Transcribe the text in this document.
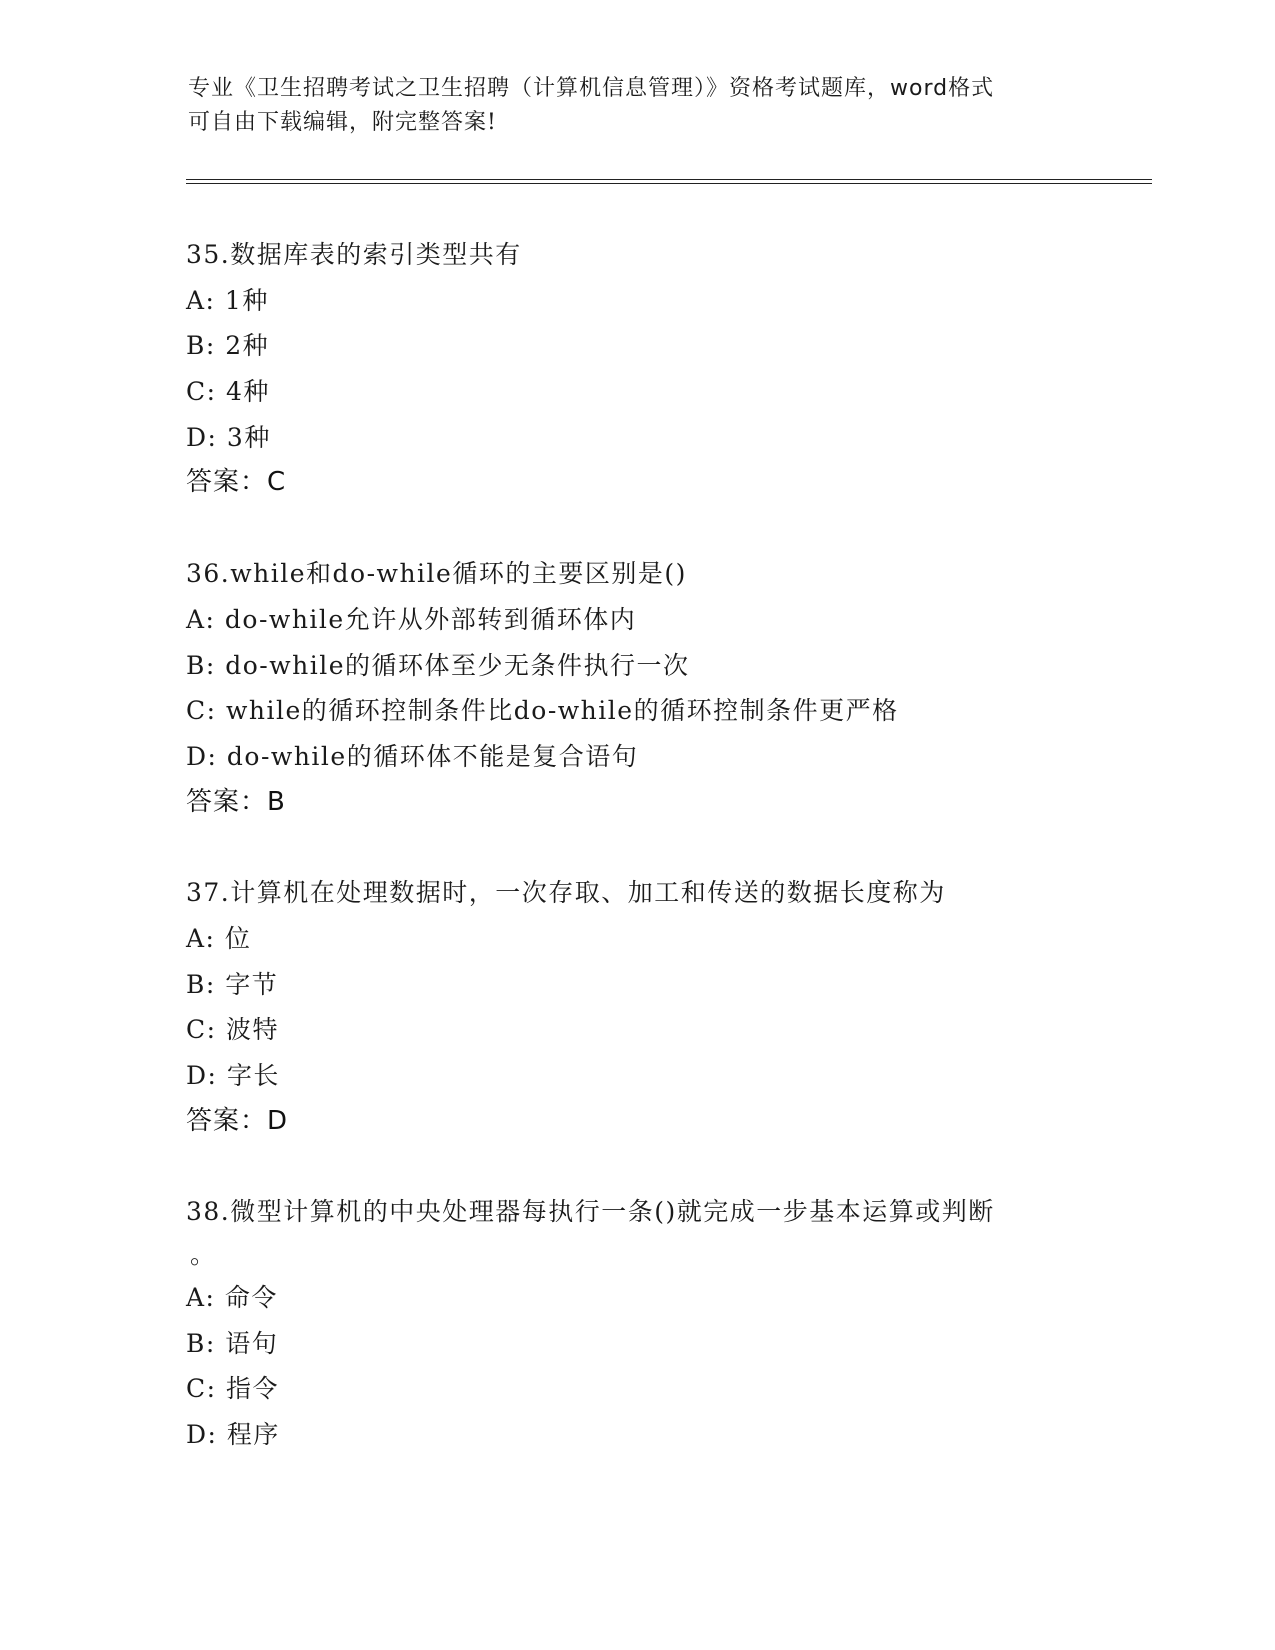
专业《卫生招聘考试之卫生招聘（计算机信息管理）》资格考试题库，word格式
可自由下载编辑，附完整答案!
35.数据库表的索引类型共有
A: 1种
B: 2种
C: 4种
D: 3种
答案：C
36.while和do-while循环的主要区别是()
A: do-while允许从外部转到循环体内
B: do-while的循环体至少无条件执行一次
C: while的循环控制条件比do-while的循环控制条件更严格
D: do-while的循环体不能是复合语句
答案：B
37.计算机在处理数据时，一次存取、加工和传送的数据长度称为
A: 位
B: 字节
C: 波特
D: 字长
答案：D
38.微型计算机的中央处理器每执行一条()就完成一步基本运算或判断
。
A: 命令
B: 语句
C: 指令
D: 程序
